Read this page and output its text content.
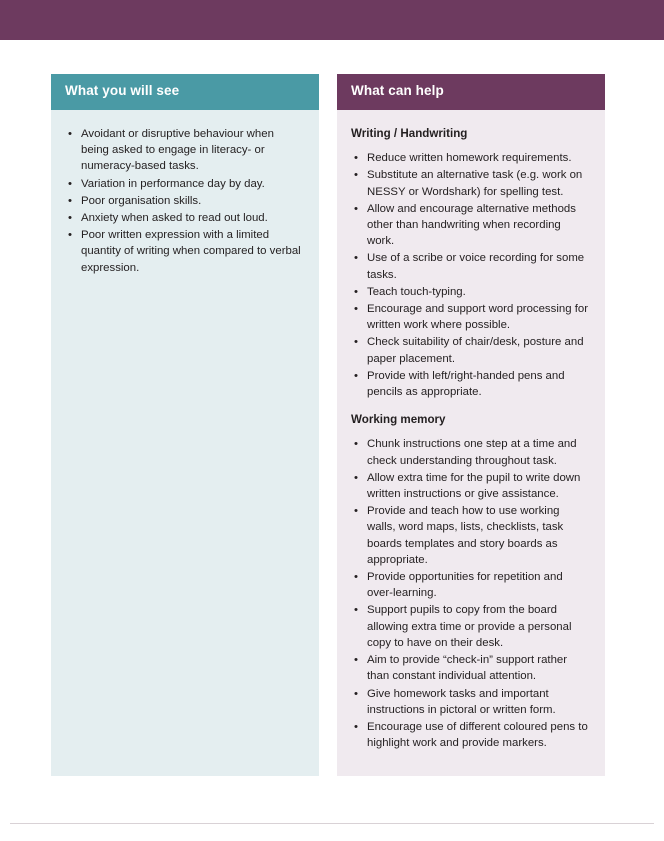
What you will see
• Avoidant or disruptive behaviour when being asked to engage in literacy- or numeracy-based tasks.
• Variation in performance day by day.
• Poor organisation skills.
• Anxiety when asked to read out loud.
• Poor written expression with a limited quantity of writing when compared to verbal expression.
What can help
Writing / Handwriting
• Reduce written homework requirements.
• Substitute an alternative task (e.g. work on NESSY or Wordshark) for spelling test.
• Allow and encourage alternative methods other than handwriting when recording work.
• Use of a scribe or voice recording for some tasks.
• Teach touch-typing.
• Encourage and support word processing for written work where possible.
• Check suitability of chair/desk, posture and paper placement.
• Provide with left/right-handed pens and pencils as appropriate.
Working memory
• Chunk instructions one step at a time and check understanding throughout task.
• Allow extra time for the pupil to write down written instructions or give assistance.
• Provide and teach how to use working walls, word maps, lists, checklists, task boards templates and story boards as appropriate.
• Provide opportunities for repetition and over-learning.
• Support pupils to copy from the board allowing extra time or provide a personal copy to have on their desk.
• Aim to provide “check-in” support rather than constant individual attention.
• Give homework tasks and important instructions in pictoral or written form.
• Encourage use of different coloured pens to highlight work and provide markers.
